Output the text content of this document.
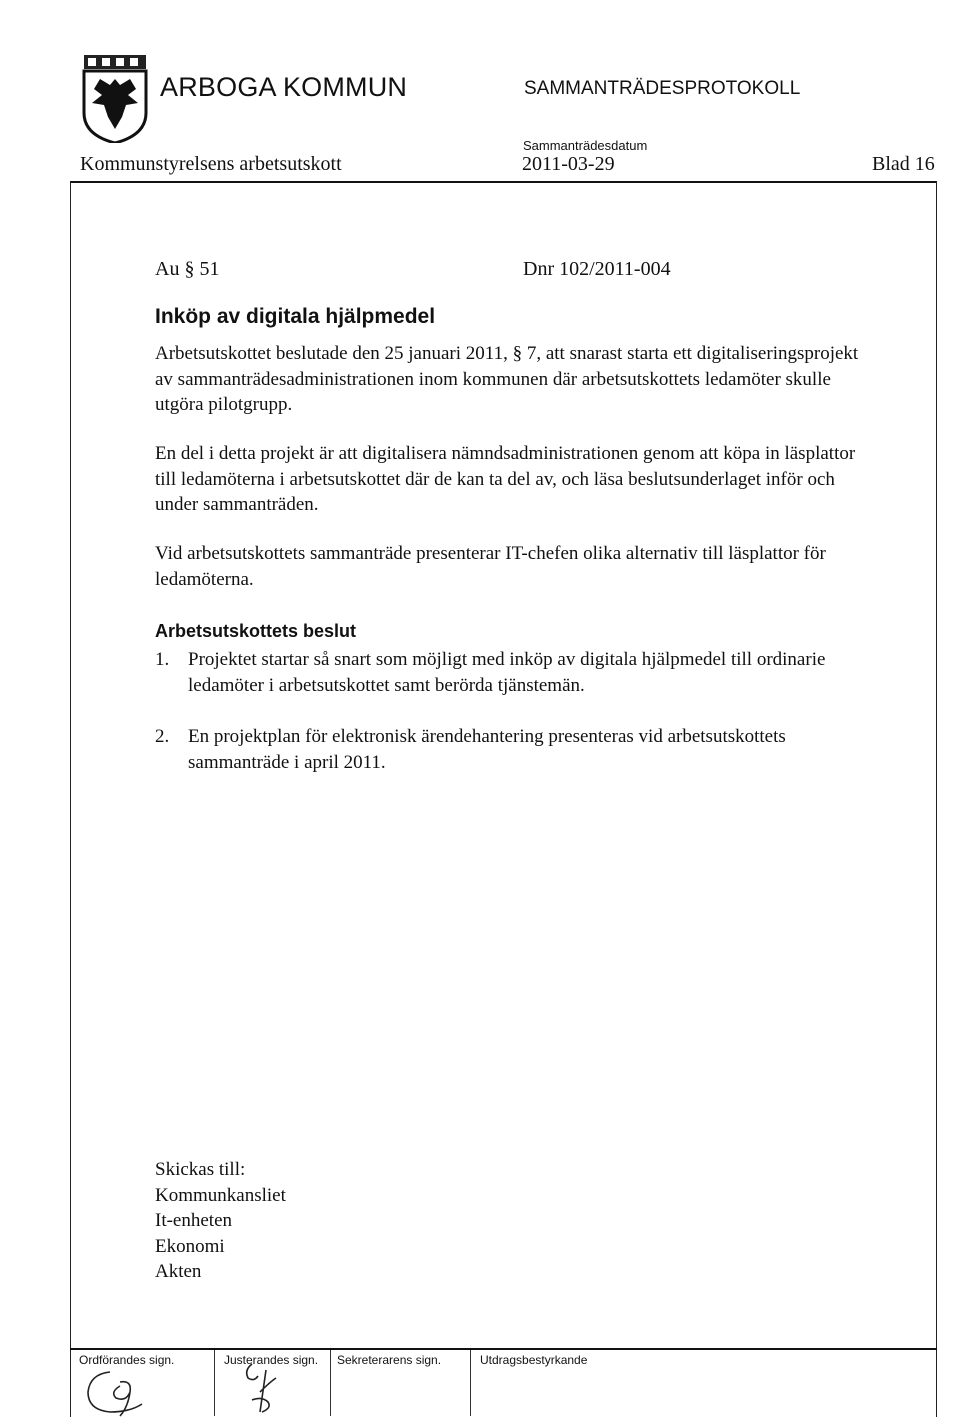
ARBOGA KOMMUN	SAMMANTRÄDESPROTOKOLL
Sammanträdesdatum
Kommunstyrelsens arbetsutskott	2011-03-29	Blad 16
Au § 51	Dnr 102/2011-004
Inköp av digitala hjälpmedel
Arbetsutskottet beslutade den 25 januari 2011, § 7, att snarast starta ett digitaliseringsprojekt av sammanträdesadministrationen inom kommunen där arbetsutskottets ledamöter skulle utgöra pilotgrupp.
En del i detta projekt är att digitalisera nämndsadministrationen genom att köpa in läsplattor till ledamöterna i arbetsutskottet där de kan ta del av, och läsa beslutsunderlaget inför och under sammanträden.
Vid arbetsutskottets sammanträde presenterar IT-chefen olika alternativ till läsplattor för ledamöterna.
Arbetsutskottets beslut
1. Projektet startar så snart som möjligt med inköp av digitala hjälpmedel till ordinarie ledamöter i arbetsutskottet samt berörda tjänstemän.
2. En projektplan för elektronisk ärendehantering presenteras vid arbetsutskottets sammanträde i april 2011.
Skickas till:
Kommunkansliet
It-enheten
Ekonomi
Akten
Ordförandes sign.	Justerandes sign. Sekreterarens sign.	Utdragsbestyrkande
